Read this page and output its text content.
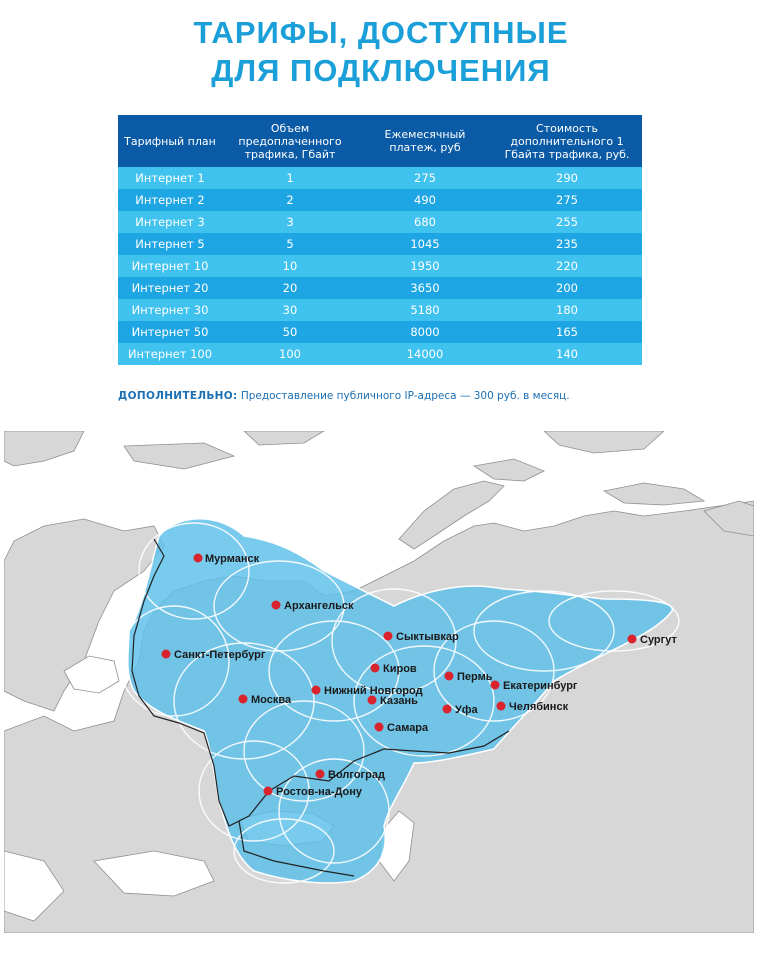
ТАРИФЫ, ДОСТУПНЫЕ
ДЛЯ ПОДКЛЮЧЕНИЯ
Тарифный план	Объем предоплаченного трафика, Гбайт	Ежемесячный платеж, руб	Стоимость дополнительного 1 Гбайта трафика, руб.
Интернет 1	1	275	290
Интернет 2	2	490	275
Интернет 3	3	680	255
Интернет 5	5	1045	235
Интернет 10	10	1950	220
Интернет 20	20	3650	200
Интернет 30	30	5180	180
Интернет 50	50	8000	165
Интернет 100	100	14000	140
ДОПОЛНИТЕЛЬНО: Предоставление публичного IP-адреса — 300 руб. в месяц.
Мурманск
Архангельск
Санкт-Петербург
Сыктывкар	Сургут
Киров
Пермь
Екатеринбург
Москва
Нижний Новгород
Казань
Уфа	Челябинск
Самара
Волгоград
Ростов-на-Дону
